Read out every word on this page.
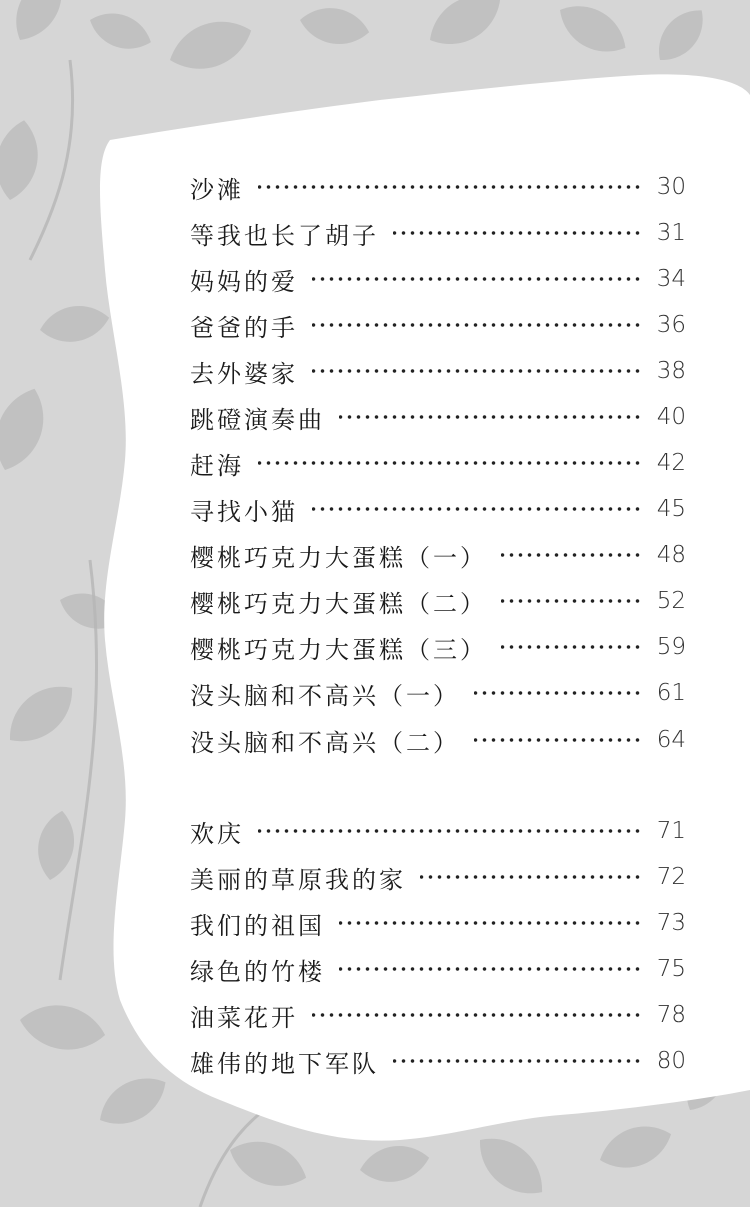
沙滩	30
等我也长了胡子	31
妈妈的爱	34
爸爸的手	36
去外婆家	38
跳磴演奏曲	40
赶海	42
寻找小猫	45
樱桃巧克力大蛋糕（一）	48
樱桃巧克力大蛋糕（二）	52
樱桃巧克力大蛋糕（三）	59
没头脑和不高兴（一）	61
没头脑和不高兴（二）	64
欢庆	71
美丽的草原我的家	72
我们的祖国	73
绿色的竹楼	75
油菜花开	78
雄伟的地下军队	80
